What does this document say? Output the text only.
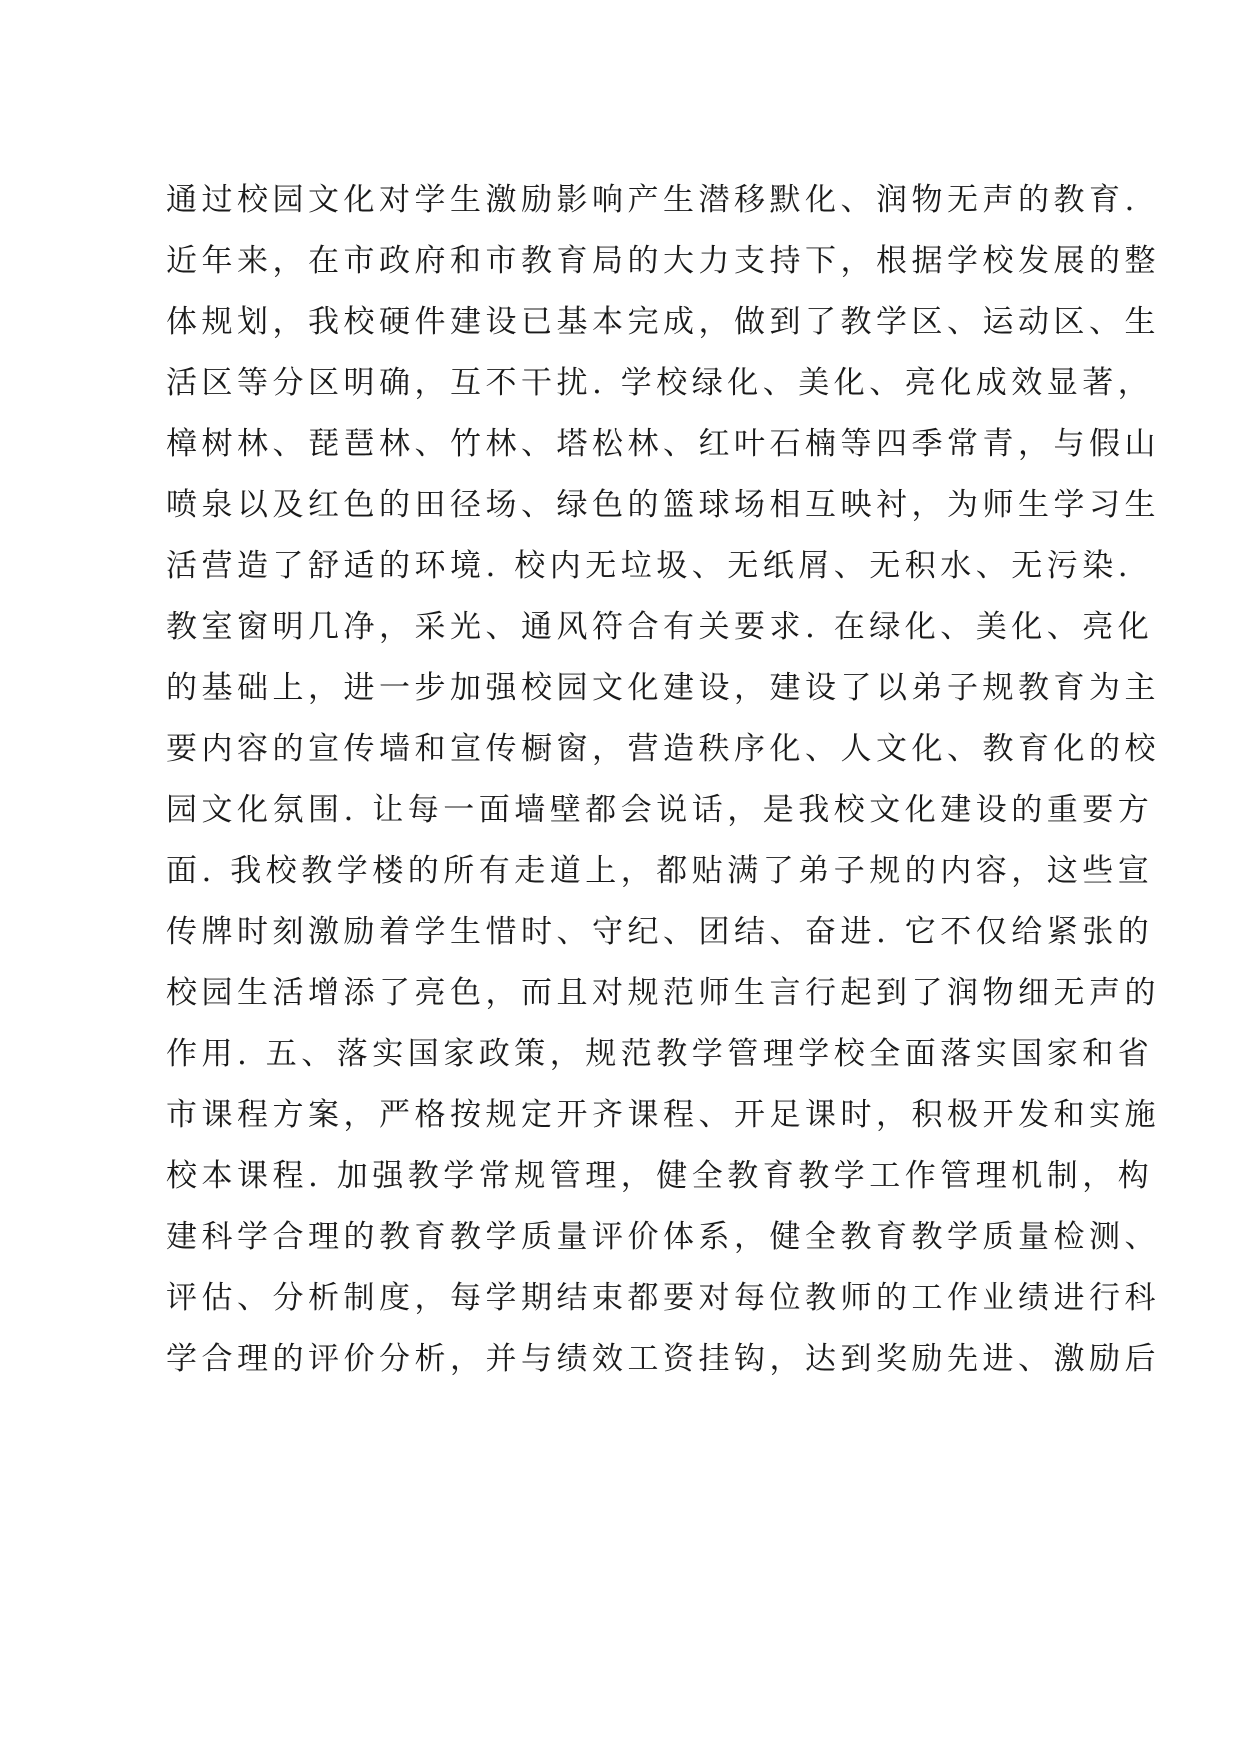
通过校园文化对学生激励影响产生潜移默化、润物无声的教育.
近年来，在市政府和市教育局的大力支持下，根据学校发展的整
体规划，我校硬件建设已基本完成，做到了教学区、运动区、生
活区等分区明确，互不干扰. 学校绿化、美化、亮化成效显著，
樟树林、琵琶林、竹林、塔松林、红叶石楠等四季常青，与假山
喷泉以及红色的田径场、绿色的篮球场相互映衬，为师生学习生
活营造了舒适的环境. 校内无垃圾、无纸屑、无积水、无污染.
教室窗明几净，采光、通风符合有关要求. 在绿化、美化、亮化
的基础上，进一步加强校园文化建设，建设了以弟子规教育为主
要内容的宣传墙和宣传橱窗，营造秩序化、人文化、教育化的校
园文化氛围. 让每一面墙壁都会说话，是我校文化建设的重要方
面. 我校教学楼的所有走道上，都贴满了弟子规的内容，这些宣
传牌时刻激励着学生惜时、守纪、团结、奋进. 它不仅给紧张的
校园生活增添了亮色，而且对规范师生言行起到了润物细无声的
作用. 五、落实国家政策，规范教学管理学校全面落实国家和省
市课程方案，严格按规定开齐课程、开足课时，积极开发和实施
校本课程. 加强教学常规管理，健全教育教学工作管理机制，构
建科学合理的教育教学质量评价体系，健全教育教学质量检测、
评估、分析制度，每学期结束都要对每位教师的工作业绩进行科
学合理的评价分析，并与绩效工资挂钩，达到奖励先进、激励后
